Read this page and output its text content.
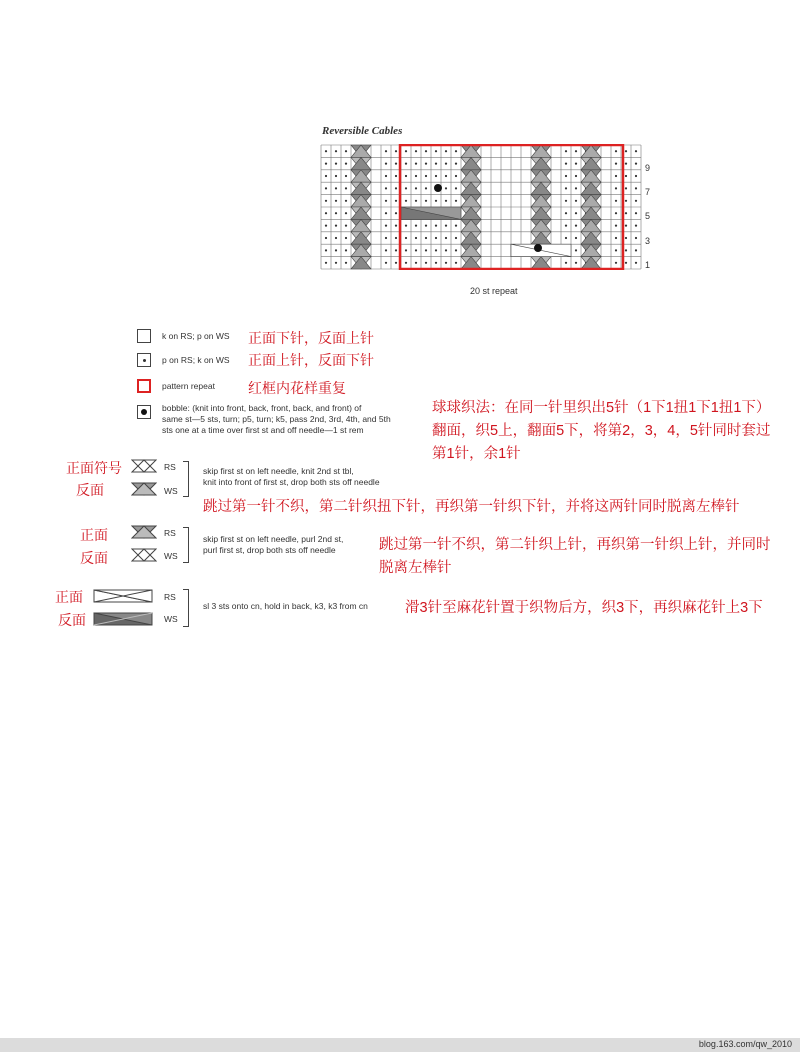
Reversible Cables
9
7
5
3
1
20 st repeat
k on RS; p on WS 正面下针，反面上针
p on RS; k on WS 正面上针，反面下针
pattern repeat 红框内花样重复
bobble: (knit into front, back, front, back, and front) of
same st—5 sts, turn; p5, turn; k5, pass 2nd, 3rd, 4th, and 5th
sts one at a time over first st and off needle—1 st rem
球球织法：在同一针里织出5针（1下1扭1下1扭1下）
翻面，织5上，翻面5下，将第2，3，4，5针同时套过
第1针，余1针
正面符号
反面
RS
WS
skip first st on left needle, knit 2nd st tbl,
knit into front of first st, drop both sts off needle
跳过第一针不织，第二针织扭下针，再织第一针织下针，并将这两针同时脱离左棒针
正面
反面
RS
WS
skip first st on left needle, purl 2nd st,
purl first st, drop both sts off needle	跳过第一针不织，第二针织上针，再织第一针织上针，并同时
脱离左棒针
正面
反面
RS
WS
sl 3 sts onto cn, hold in back, k3, k3 from cn	滑3针至麻花针置于织物后方，织3下，再织麻花针上3下
blog.163.com/qw_2010
